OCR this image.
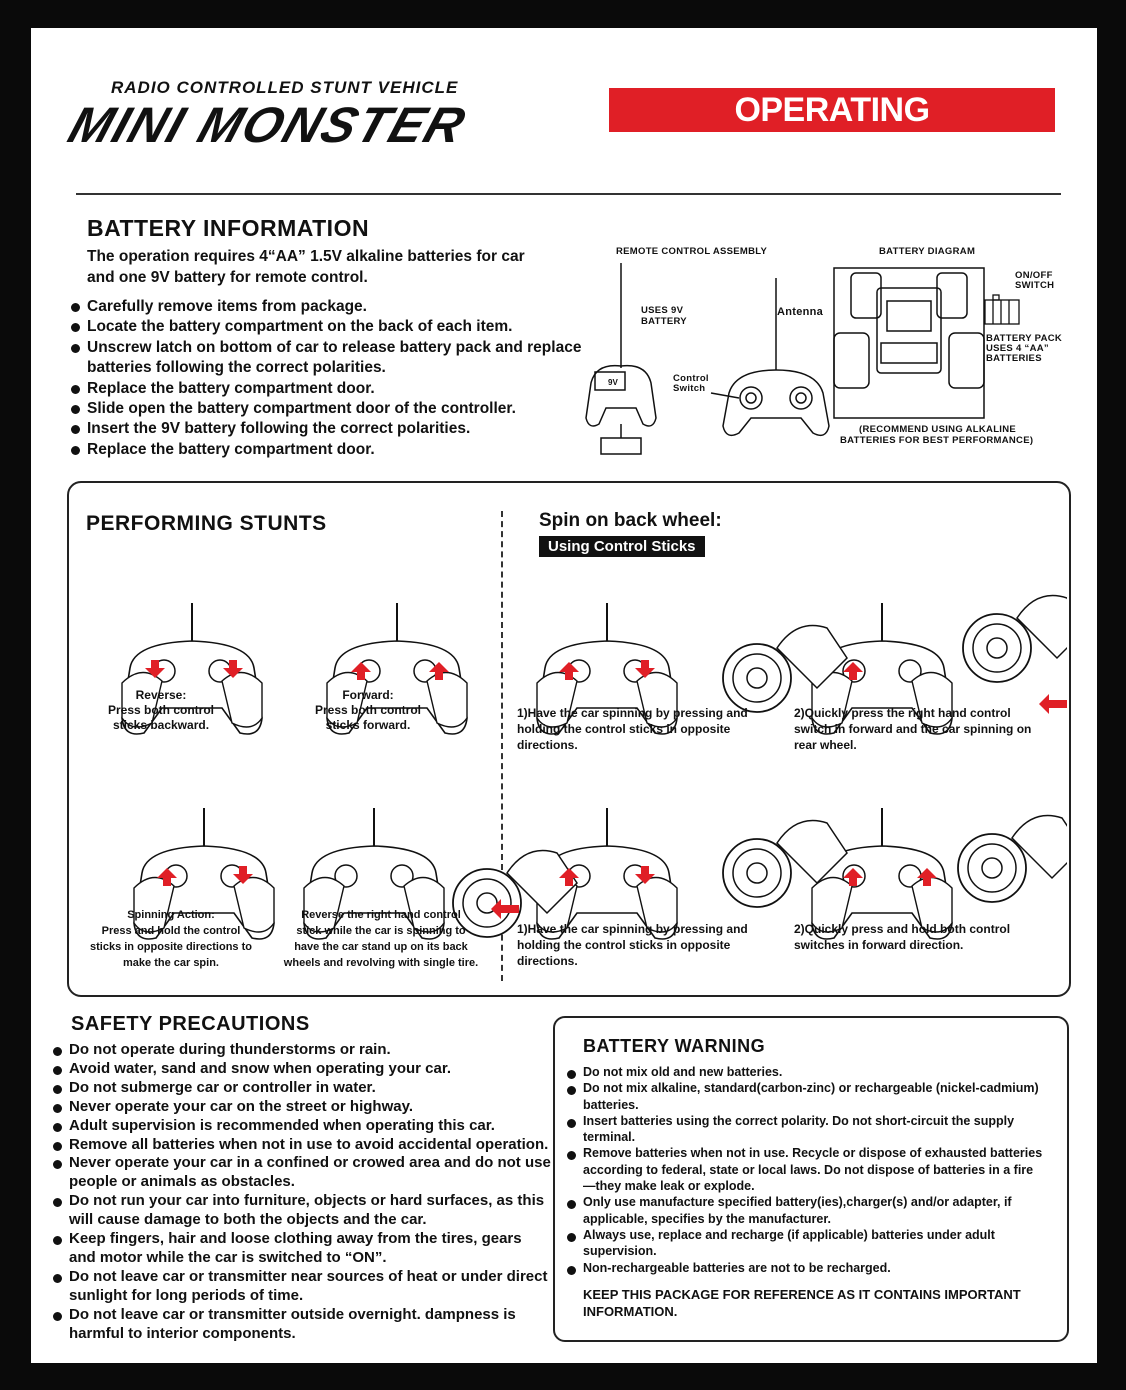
RADIO CONTROLLED STUNT VEHICLE
MINI MONSTER	OPERATING INSTRUCTIONS
BATTERY INFORMATION
The operation requires 4“AA” 1.5V alkaline batteries for car and one 9V battery for remote control.
Carefully remove items from package.
Locate the battery compartment on the back of each item.
Unscrew latch on bottom of car to release battery pack and replace batteries following the correct polarities.
Replace the battery compartment door.
Slide open the battery compartment door of the controller.
Insert the 9V battery following the correct polarities.
Replace the battery compartment door.
REMOTE CONTROL ASSEMBLY
USES 9V
BATTERY
Antenna
Control
Switch
9V
BATTERY DIAGRAM
ON/OFF
SWITCH
BATTERY PACK
USES 4 “AA”
BATTERIES
(RECOMMEND USING ALKALINE
BATTERIES FOR BEST PERFORMANCE)
PERFORMING STUNTS	Spin on back wheel:
Using Control Sticks
Reverse:
Press both control
sticks backward.
Forward:
Press both control
sticks forward.
Spinning Action:
Press and hold the control
sticks in opposite directions to
make the car spin.
Reverse the right hand control
stick while the car is spinning to
have the car stand up on its back
wheels and revolving with single tire.
1)Have the car spinning by pressing and holding the control sticks in opposite directions.
2)Quickly press the right hand control switch in forward and the car spinning on rear wheel.
1)Have the car spinning by pressing and holding the control sticks in opposite directions.
2)Quickly press and hold both control switches in forward direction.
SAFETY PRECAUTIONS
Do not operate during thunderstorms or rain.
Avoid water, sand and snow when operating your car.
Do not submerge car or controller in water.
Never operate your car on the street or highway.
Adult supervision is recommended when operating this car.
Remove all batteries when not in use to avoid accidental operation.
Never operate your car in a confined or crowed area and do not use people or animals as obstacles.
Do not run your car into furniture, objects or hard surfaces, as this will cause damage to both the objects and the car.
Keep fingers, hair and loose clothing away from the tires, gears and motor while the car is switched to “ON”.
Do not leave car or transmitter near sources of heat or under direct sunlight for long periods of time.
Do not leave car or transmitter outside overnight. dampness is harmful to interior components.
BATTERY WARNING
Do not mix old and new batteries.
Do not mix alkaline, standard(carbon-zinc) or rechargeable (nickel-cadmium) batteries.
Insert batteries using the correct polarity. Do not short-circuit the supply terminal.
Remove batteries when not in use. Recycle or dispose of exhausted batteries according to federal, state or local laws. Do not dispose of batteries in a fire—they make leak or explode.
Only use manufacture specified battery(ies),charger(s) and/or adapter, if applicable, specifies by the manufacturer.
Always use, replace and recharge (if applicable) batteries under adult supervision.
Non-rechargeable batteries are not to be recharged.
KEEP THIS PACKAGE FOR REFERENCE AS IT CONTAINS IMPORTANT INFORMATION.
